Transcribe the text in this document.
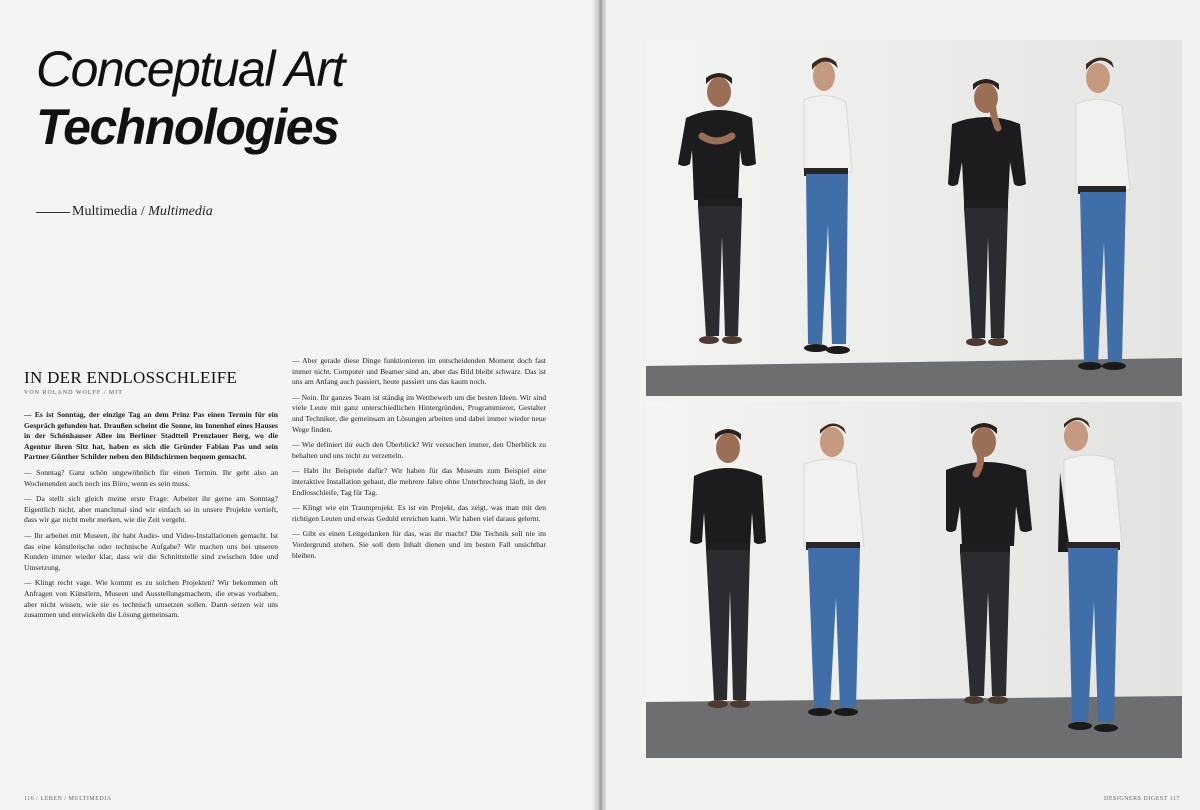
Conceptual Art
Technologies
Multimedia / Multimedia
IN DER ENDLOSSCHLEIFE
VON ROLAND WOLFF / MIT

— Es ist Sonntag, der einzige Tag an dem Prinz Pas einen Termin für ein Gespräch gefunden hat. Draußen scheint die Sonne, im Innenhof eines Hauses in der Schönhauser Allee im Berliner Stadtteil Prenzlauer Berg, wo die Agentur ihren Sitz hat, haben es sich die Gründer Fabian Pas und sein Partner Günther Schilder neben den Bildschirmen bequem gemacht.

— Sonntag? Ganz schön ungewöhnlich für einen Termin. Ihr geht also an Wochenenden auch noch ins Büro, wenn es sein muss.

— Da stellt sich gleich meine erste Frage: Arbeitet ihr gerne am Sonntag? Eigentlich nicht, aber manchmal sind wir einfach so in unsere Projekte vertieft, dass wir gar nicht mehr merken, wie die Zeit vergeht.

— Ihr arbeitet mit Museen, ihr habt Audio- und Video-Installationen gemacht. Ist das eine künstlerische oder technische Aufgabe? Wir machen uns bei unseren Kunden immer wieder klar, dass wir die Schnittstelle sind zwischen Idee und Umsetzung.

— Klingt recht vage. Wie kommt es zu solchen Projekten? Wir bekommen oft Anfragen von Künstlern, Museen und Ausstellungsmachern, die etwas vorhaben, aber nicht wissen, wie sie es technisch umsetzen sollen. Dann setzen wir uns zusammen und entwickeln die Lösung gemeinsam.

— Aber gerade diese Dinge funktionieren im entscheidenden Moment doch fast immer nicht. Computer und Beamer sind an, aber das Bild bleibt schwarz. Das ist uns am Anfang auch passiert, heute passiert uns das kaum noch.

— Nein. Ihr ganzes Team ist ständig im Wettbewerb um die besten Ideen. Wir sind viele Leute mit ganz unterschiedlichen Hintergründen, Programmierer, Gestalter und Techniker, die gemeinsam an Lösungen arbeiten und dabei immer wieder neue Wege finden.

— Wie definiert ihr euch den Überblick? Wir versuchen immer, den Überblick zu behalten und uns nicht zu verzetteln.

— Habt ihr Beispiele dafür? Wir haben für das Museum zum Beispiel eine interaktive Installation gebaut, die mehrere Jahre ohne Unterbrechung läuft, in der Endlosschleife, Tag für Tag.

— Klingt wie ein Traumprojekt. Es ist ein Projekt, das zeigt, was man mit den richtigen Leuten und etwas Geduld erreichen kann. Wir haben viel daraus gelernt.

— Gibt es einen Leitgedanken für das, was ihr macht? Die Technik soll nie im Vordergrund stehen. Sie soll dem Inhalt dienen und im besten Fall unsichtbar bleiben.

116 / LEBEN / MULTIMEDIA	DESIGNERS DIGEST 117
